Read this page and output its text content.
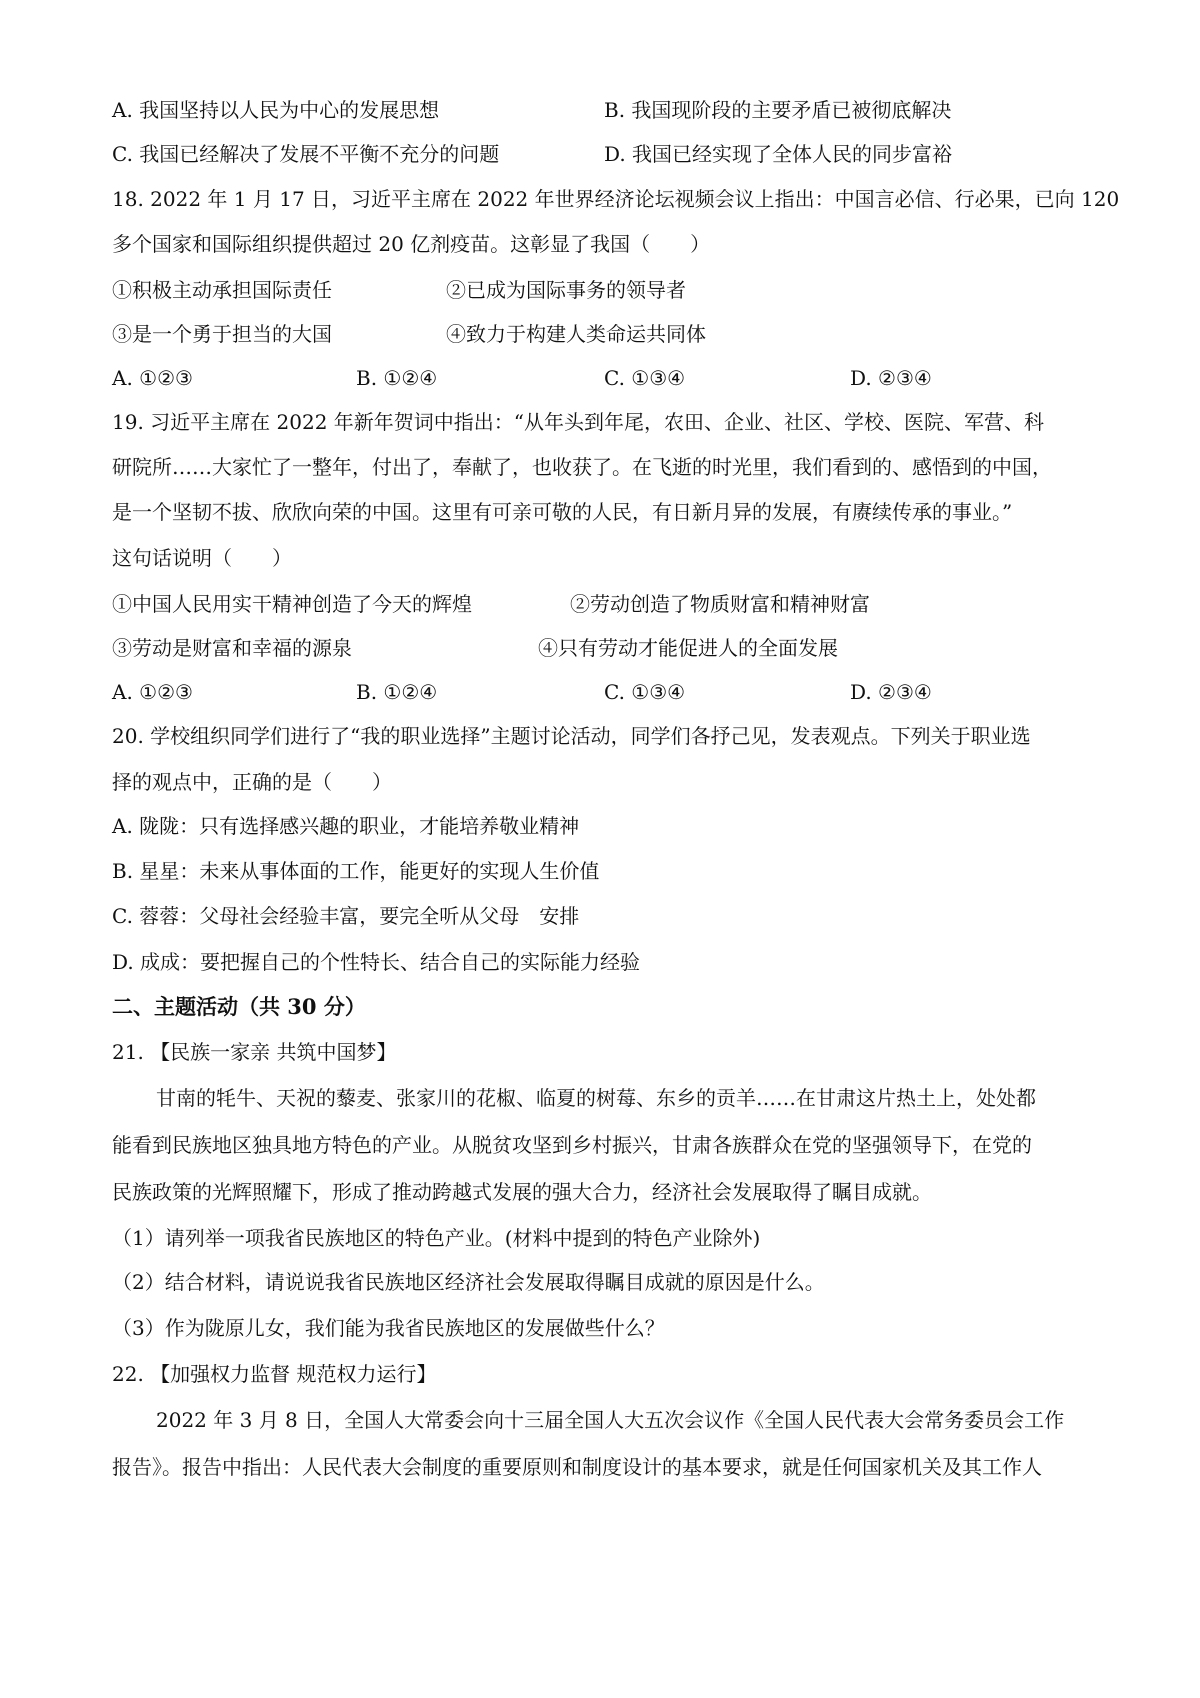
A. 我国坚持以人民为中心的发展思想	B. 我国现阶段的主要矛盾已被彻底解决
C. 我国已经解决了发展不平衡不充分的问题	D. 我国已经实现了全体人民的同步富裕
18. 2022 年 1 月 17 日，习近平主席在 2022 年世界经济论坛视频会议上指出：中国言必信、行必果，已向 120
多个国家和国际组织提供超过 20 亿剂疫苗。这彰显了我国（　　）
①积极主动承担国际责任	②已成为国际事务的领导者
③是一个勇于担当的大国	④致力于构建人类命运共同体
A. ①②③	B. ①②④	C. ①③④	D. ②③④
19. 习近平主席在 2022 年新年贺词中指出：“从年头到年尾，农田、企业、社区、学校、医院、军营、科
研院所……大家忙了一整年，付出了，奉献了，也收获了。在飞逝的时光里，我们看到的、感悟到的中国，
是一个坚韧不拔、欣欣向荣的中国。这里有可亲可敬的人民，有日新月异的发展，有赓续传承的事业。”
这句话说明（　　）
①中国人民用实干精神创造了今天的辉煌	②劳动创造了物质财富和精神财富
③劳动是财富和幸福的源泉	④只有劳动才能促进人的全面发展
A. ①②③	B. ①②④	C. ①③④	D. ②③④
20. 学校组织同学们进行了“我的职业选择”主题讨论活动，同学们各抒己见，发表观点。下列关于职业选
择的观点中，正确的是（　　）
A. 陇陇：只有选择感兴趣的职业，才能培养敬业精神
B. 星星：未来从事体面的工作，能更好的实现人生价值
C. 蓉蓉：父母社会经验丰富，要完全听从父母　安排
D. 成成：要把握自己的个性特长、结合自己的实际能力经验
二、主题活动（共 30 分）
21. 【民族一家亲 共筑中国梦】
甘南的牦牛、天祝的藜麦、张家川的花椒、临夏的树莓、东乡的贡羊……在甘肃这片热土上，处处都
能看到民族地区独具地方特色的产业。从脱贫攻坚到乡村振兴，甘肃各族群众在党的坚强领导下，在党的
民族政策的光辉照耀下，形成了推动跨越式发展的强大合力，经济社会发展取得了瞩目成就。
（1）请列举一项我省民族地区的特色产业。(材料中提到的特色产业除外)
（2）结合材料，请说说我省民族地区经济社会发展取得瞩目成就的原因是什么。
（3）作为陇原儿女，我们能为我省民族地区的发展做些什么？
22. 【加强权力监督 规范权力运行】
2022 年 3 月 8 日，全国人大常委会向十三届全国人大五次会议作《全国人民代表大会常务委员会工作
报告》。报告中指出：人民代表大会制度的重要原则和制度设计的基本要求，就是任何国家机关及其工作人
